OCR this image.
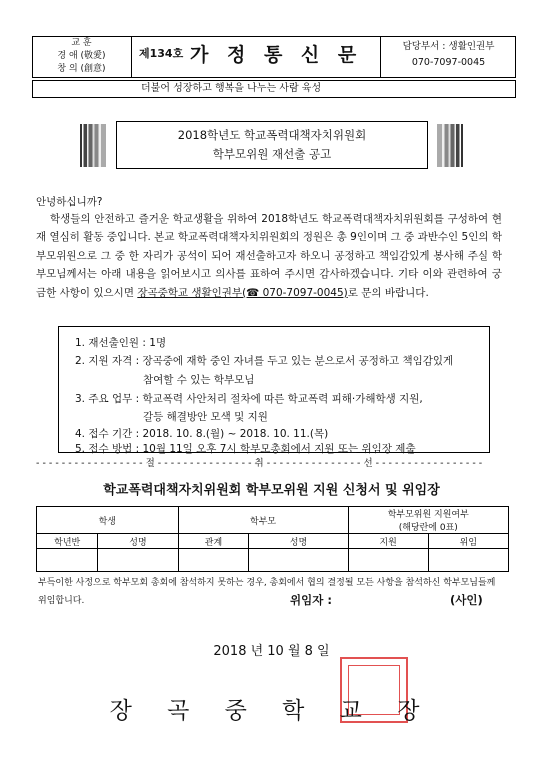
교 훈
경 애 (敬愛)
창 의 (創意)
제134호 가 정 통 신 문	담당부서 : 생활인권부
070-7097-0045
더불어 성장하고 행복을 나누는 사람 육성
2018학년도 학교폭력대책자치위원회
학부모위원 재선출 공고
안녕하십니까?
학생들의 안전하고 즐거운 학교생활을 위하여 2018학년도 학교폭력대책자치위원회를 구성하여 현재 열심히 활동 중입니다. 본교 학교폭력대책자치위원회의 정원은 총 9인이며 그 중 과반수인 5인의 학부모위원으로 그 중 한 자리가 공석이 되어 재선출하고자 하오니 공정하고 책임감있게 봉사해 주실 학부모님께서는 아래 내용을 읽어보시고 의사를 표하여 주시면 감사하겠습니다. 기타 이와 관련하여 궁금한 사항이 있으시면 장곡중학교 생활인권부(☎ 070-7097-0045)로 문의 바랍니다.
1. 재선출인원 : 1명
2. 지원 자격 : 장곡중에 재학 중인 자녀를 두고 있는 분으로서 공정하고 책임감있게
참여할 수 있는 학부모님
3. 주요 업무 : 학교폭력 사안처리 절차에 따른 학교폭력 피해·가해학생 지원,
갈등 해결방안 모색 및 지원
4. 접수 기간 : 2018. 10. 8.(월) ~ 2018. 10. 11.(목)
5. 접수 방법 : 10월 11일 오후 7시 학부모총회에서 지원 또는 위임장 제출
- - - - - - - - - - - - - - - - - 절 - - - - - - - - - - - - - - - 취 - - - - - - - - - - - - - - - 선 - - - - - - - - - - - - - - - - -
학교폭력대책자치위원회 학부모위원 지원 신청서 및 위임장
학생		학부모		학부모위원 지원여부
(해당란에 0표)	

학년반	성명	관계	성명	지원	위임

부득이한 사정으로 학부모회 총회에 참석하지 못하는 경우, 총회에서 협의 결정될 모든 사항을 참석하신 학부모님들께 위임합니다.	위임자 :	(사인)
2018 년 10 월 8 일
장 곡 중 학 교 장
